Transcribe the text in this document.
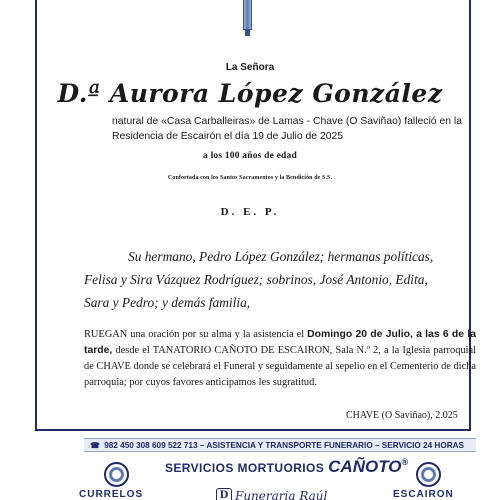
La Señora
D.ª Aurora López González
natural de «Casa Carballeiras» de Lamas - Chave (O Saviñao) falleció en la Residencia de Escairón el día 19 de Julio de 2025
a los 100 años de edad
Confortada con los Santos Sacramentos y la Bendición de S.S.
D. E. P.
Su hermano, Pedro López González; hermanas políticas,
Felisa y Sira Vázquez Rodríguez; sobrinos, José Antonio, Edita,
Sara y Pedro; y demás familia,
RUEGAN una oración por su alma y la asistencia el Domingo 20 de Julio, a las 6 de la tarde, desde el TANATORIO CAÑOTO DE ESCAIRON, Sala N.º 2, a la Iglesia parroquial de CHAVE donde se celebrará el Funeral y seguidamente al sepelio en el Cementerio de dicha parroquia; por cuyos favores anticipamos les sugratitud.
CHAVE (O Saviñao), 2.025
☎ 982 450 308 609 522 713 – ASISTENCIA Y TRANSPORTE FUNERARIO – SERVICIO 24 HORAS
SERVICIOS MORTUORIOS CAÑOTO®
CURRELOS	D Funeraria Raúl	ESCAIRON
